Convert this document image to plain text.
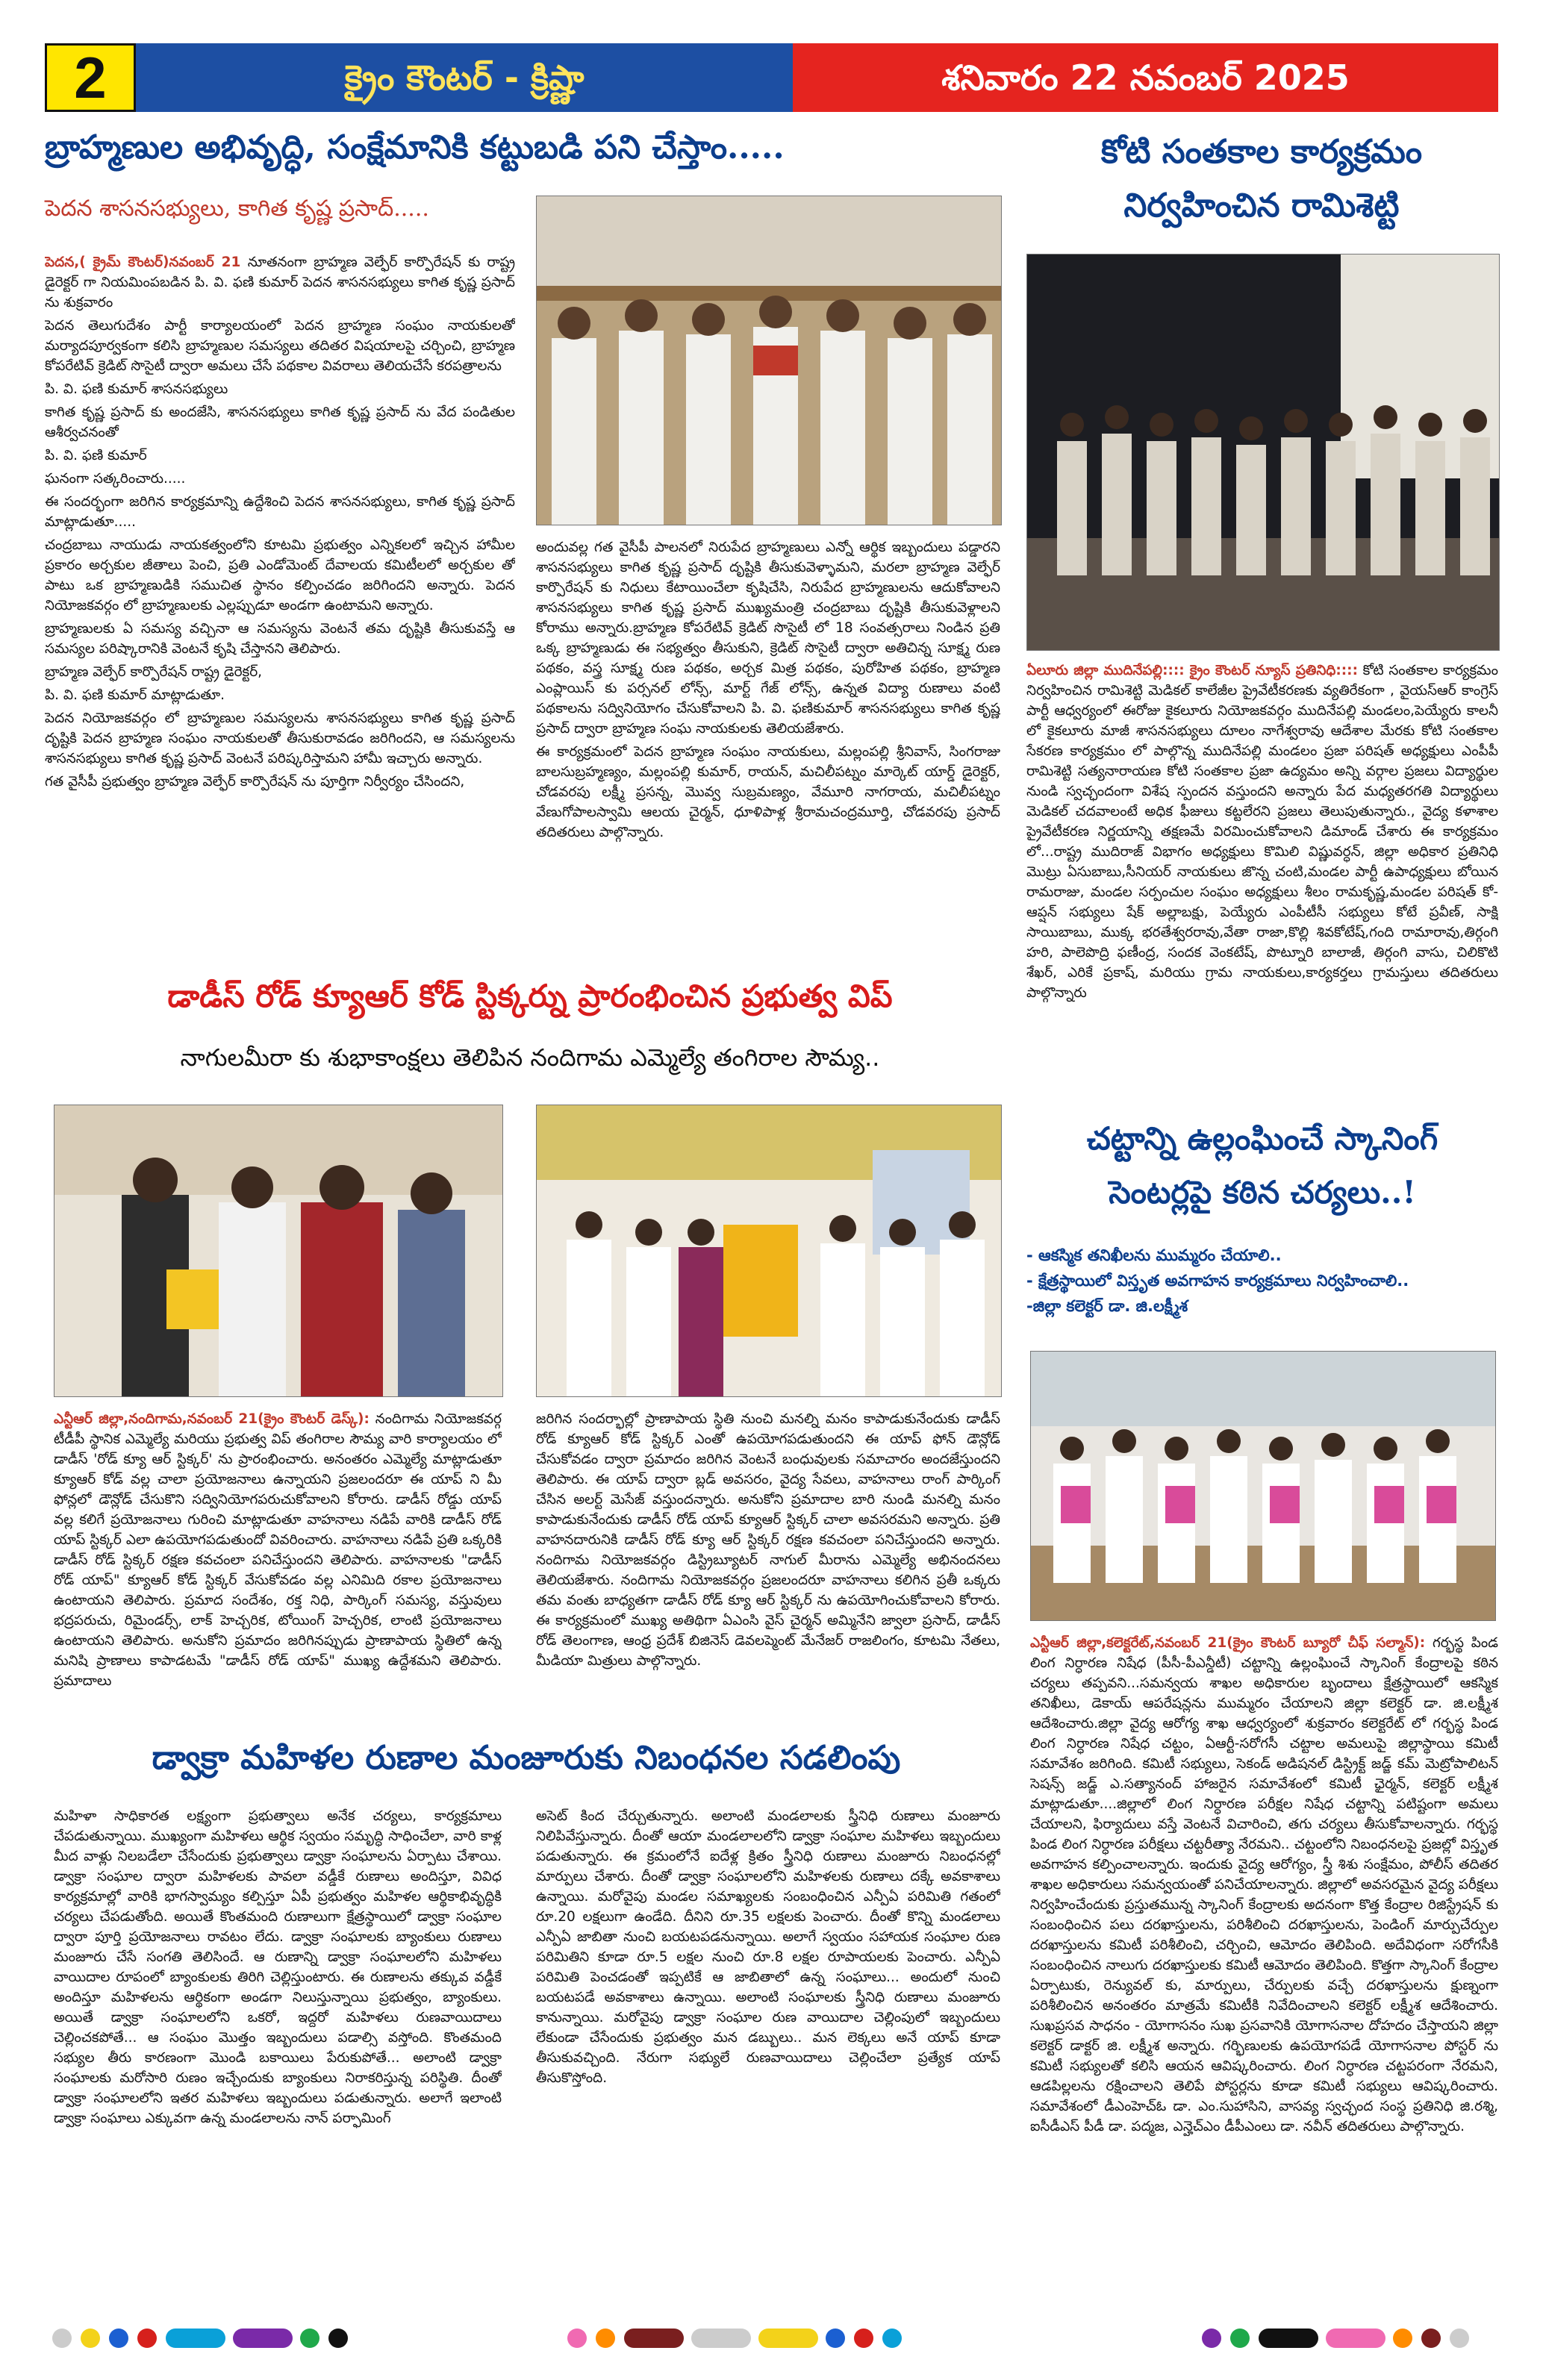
2	క్రైం కౌంటర్ - క్రిష్ణా	శనివారం 22 నవంబర్ 2025
బ్రాహ్మణుల అభివృద్ధి, సంక్షేమానికి కట్టుబడి పని చేస్తాం.....
పెదన శాసనసభ్యులు, కాగిత కృష్ణ ప్రసాద్.....

పెదన,( క్రైమ్ కౌంటర్)నవంబర్ 21 నూతనంగా బ్రాహ్మణ వెల్ఫేర్ కార్పొరేషన్ కు రాష్ట్ర డైరెక్టర్ గా నియమింపబడిన పి. వి. ఫణి కుమార్ పెదన శాసనసభ్యులు కాగిత కృష్ణ ప్రసాద్ ను శుక్రవారం

పెదన తెలుగుదేశం పార్టీ కార్యాలయంలో పెదన బ్రాహ్మణ సంఘం నాయకులతో మర్యాదపూర్వకంగా కలిసి బ్రాహ్మణుల సమస్యలు తదితర విషయాలపై చర్చించి, బ్రాహ్మణ కోపరేటివ్ క్రెడిట్ సొసైటీ ద్వారా అమలు చేసే పథకాల వివరాలు తెలియచేసే కరపత్రాలను

పి. వి. ఫణి కుమార్ శాసనసభ్యులు

కాగిత కృష్ణ ప్రసాద్ కు అందజేసి, శాసనసభ్యులు కాగిత కృష్ణ ప్రసాద్ ను వేద పండితుల ఆశీర్వచనంతో

పి. వి. ఫణి కుమార్

ఘనంగా సత్కరించారు.....

ఈ సందర్భంగా జరిగిన కార్యక్రమాన్ని ఉద్దేశించి పెదన శాసనసభ్యులు, కాగిత కృష్ణ ప్రసాద్ మాట్లాడుతూ.....

చంద్రబాబు నాయుడు నాయకత్వంలోని కూటమి ప్రభుత్వం ఎన్నికలలో ఇచ్చిన హామీల ప్రకారం అర్చకుల జీతాలు పెంచి, ప్రతి ఎండోమెంట్ దేవాలయ కమిటీలలో అర్చకుల తో పాటు ఒక బ్రాహ్మణుడికి సముచిత స్థానం కల్పించడం జరిగిందని అన్నారు. పెదన నియోజకవర్గం లో బ్రాహ్మణులకు ఎల్లప్పుడూ అండగా ఉంటామని అన్నారు.

బ్రాహ్మణులకు ఏ సమస్య వచ్చినా ఆ సమస్యను వెంటనే తమ దృష్టికి తీసుకువస్తే ఆ సమస్యల పరిష్కారానికి వెంటనే కృషి చేస్తానని తెలిపారు.

బ్రాహ్మణ వెల్ఫేర్ కార్పొరేషన్ రాష్ట్ర డైరెక్టర్,

పి. వి. ఫణి కుమార్ మాట్లాడుతూ.

పెదన నియోజకవర్గం లో బ్రాహ్మణుల సమస్యలను శాసనసభ్యులు కాగిత కృష్ణ ప్రసాద్ దృష్టికి పెదన బ్రాహ్మణ సంఘం నాయకులతో తీసుకురావడం జరిగిందని, ఆ సమస్యలను శాసనసభ్యులు కాగిత కృష్ణ ప్రసాద్ వెంటనే పరిష్కరిస్తామని హామీ ఇచ్చారు అన్నారు.

గత వైసీపీ ప్రభుత్వం బ్రాహ్మణ వెల్ఫేర్ కార్పొరేషన్ ను పూర్తిగా నిర్వీర్యం చేసిందని,

అందువల్ల గత వైసీపీ పాలనలో నిరుపేద బ్రాహ్మణులు ఎన్నో ఆర్థిక ఇబ్బందులు పడ్డారని శాసనసభ్యులు కాగిత కృష్ణ ప్రసాద్ దృష్టికి తీసుకువెళ్ళామని, మరలా బ్రాహ్మణ వెల్ఫేర్ కార్పొరేషన్ కు నిధులు కేటాయించేలా కృషిచేసి, నిరుపేద బ్రాహ్మణులను ఆదుకోవాలని శాసనసభ్యులు కాగిత కృష్ణ ప్రసాద్ ముఖ్యమంత్రి చంద్రబాబు దృష్టికి తీసుకువెళ్లాలని కోరాము అన్నారు.బ్రాహ్మణ కోపరేటివ్ క్రెడిట్ సొసైటీ లో 18 సంవత్సరాలు నిండిన ప్రతి ఒక్క బ్రాహ్మణుడు ఈ సభ్యత్వం తీసుకుని, క్రెడిట్ సొసైటీ ద్వారా అతిచిన్న సూక్ష్మ రుణ పథకం, వస్త్ర సూక్ష్మ రుణ పథకం, అర్చక మిత్ర పథకం, పురోహిత పథకం, బ్రాహ్మణ ఎంప్లాయిస్ కు పర్సనల్ లోన్స్, మార్ట్ గేజ్ లోన్స్, ఉన్నత విద్యా రుణాలు వంటి పథకాలను సద్వినియోగం చేసుకోవాలని పి. వి. ఫణికుమార్ శాసనసభ్యులు కాగిత కృష్ణ ప్రసాద్ ద్వారా బ్రాహ్మణ సంఘ నాయకులకు తెలియజేశారు.

ఈ కార్యక్రమంలో పెదన బ్రాహ్మణ సంఘం నాయకులు, మల్లంపల్లి శ్రీనివాస్, సింగరాజు బాలసుబ్రహ్మణ్యం, మల్లంపల్లి కుమార్, రాయన్, మచిలీపట్నం మార్కెట్ యార్డ్ డైరెక్టర్, చోడవరపు లక్ష్మీ ప్రసన్న, మొవ్వ సుబ్రమణ్యం, వేమూరి నాగరాయ, మచిలీపట్నం వేణుగోపాలస్వామి ఆలయ చైర్మన్, ధూళిపాళ్ల శ్రీరామచంద్రమూర్తి, చోడవరపు ప్రసాద్ తదితరులు పాల్గొన్నారు.

కోటి సంతకాల కార్యక్రమం
నిర్వహించిన రామిశెట్టి

ఏలూరు జిల్లా ముదినేపల్లి:::: క్రైం కౌంటర్ న్యూస్ ప్రతినిధి:::: కోటి సంతకాల కార్యక్రమం నిర్వహించిన రామిశెట్టి మెడికల్ కాలేజీల ప్రైవేటీకరణకు వ్యతిరేకంగా , వైయస్ఆర్ కాంగ్రెస్ పార్టీ ఆధ్వర్యంలో ఈరోజు కైకలూరు నియోజకవర్గం ముదినేపల్లి మండలం,పెయ్యేరు కాలనీ లో కైకలూరు మాజీ శాసనసభ్యులు దూలం నాగేశ్వరావు ఆదేశాల మేరకు కోటి సంతకాల సేకరణ కార్యక్రమం లో పాల్గొన్న ముదినేపల్లి మండలం ప్రజా పరిషత్ అధ్యక్షులు ఎంపీపీ రామిశెట్టి సత్యనారాయణ కోటి సంతకాల ప్రజా ఉద్యమం అన్ని వర్గాల ప్రజలు విద్యార్థుల నుండి స్వచ్ఛందంగా విశేష స్పందన వస్తుందని అన్నారు పేద మధ్యతరగతి విద్యార్థులు మెడికల్ చదవాలంటే అధిక ఫీజులు కట్టలేరని ప్రజలు తెలుపుతున్నారు., వైద్య కళాశాల ప్రైవేటీకరణ నిర్ణయాన్ని తక్షణమే విరమించుకోవాలని డిమాండ్ చేశారు ఈ కార్యక్రమం లో...రాష్ట్ర ముదిరాజ్ విభాగం అధ్యక్షులు కొమిలి విష్ణువర్ధన్, జిల్లా అధికార ప్రతినిధి మొట్రు ఏసుబాబు,సీనియర్ నాయకులు జొన్న చంటి,మండల పార్టీ ఉపాధ్యక్షులు బోయిన రామరాజు, మండల సర్పంచుల సంఘం అధ్యక్షులు శీలం రామకృష్ణ,మండల పరిషత్ కో-ఆప్షన్ సభ్యులు షేక్ అల్లాబక్షు, పెయ్యేరు ఎంపీటీసీ సభ్యులు కోటే ప్రవీణ్, సాక్షి సాయిబాబు, ముక్క భరతేశ్వరరావు,వేతా రాజా,కొల్లి శివకోటేష్,గంది రామారావు,తిర్గంగి హరి, పాలెపొద్రి ఫణీంద్ర, సందక వెంకటేష్, పొట్నూరి బాలాజీ, తిర్గంగి వాసు, చిలికొటి శేఖర్, ఎరికే ప్రకాష్, మరియు గ్రామ నాయకులు,కార్యకర్తలు గ్రామస్తులు తదితరులు పాల్గొన్నారు

డాడీస్ రోడ్ క్యూఆర్ కోడ్ స్టిక్కర్ను ప్రారంభించిన ప్రభుత్వ విప్
నాగులమీరా కు శుభాకాంక్షలు తెలిపిన నందిగామ ఎమ్మెల్యే తంగిరాల సౌమ్య..

ఎన్టీఆర్ జిల్లా,నందిగామ,నవంబర్ 21(క్రైం కౌంటర్ డెస్క్): నందిగామ నియోజకవర్గ టీడీపీ స్థానిక ఎమ్మెల్యే మరియు ప్రభుత్వ విప్ తంగిరాల సౌమ్య వారి కార్యాలయం లో డాడీస్ 'రోడ్ క్యూ ఆర్ స్టిక్కర్' ను ప్రారంభించారు. అనంతరం ఎమ్మెల్యే మాట్లాడుతూ క్యూఆర్ కోడ్ వల్ల చాలా ప్రయోజనాలు ఉన్నాయని ప్రజలందరూ ఈ యాప్ ని మీ ఫోన్లలో డౌన్లోడ్ చేసుకొని సద్వినియోగపరుచుకోవాలని కోరారు. డాడీస్ రోడ్డు యాప్ వల్ల కలిగే ప్రయోజనాలు గురించి మాట్లాడుతూ వాహనాలు నడిపే వారికి డాడీస్ రోడ్ యాప్ స్టిక్కర్ ఎలా ఉపయోగపడుతుందో వివరించారు. వాహనాలు నడిపే ప్రతి ఒక్కరికి డాడీస్ రోడ్ స్టిక్కర్ రక్షణ కవచంలా పనిచేస్తుందని తెలిపారు. వాహనాలకు "డాడీస్ రోడ్ యాప్" క్యూఆర్ కోడ్ స్టిక్కర్ వేసుకోవడం వల్ల ఎనిమిది రకాల ప్రయోజనాలు ఉంటాయని తెలిపారు. ప్రమాద సందేశం, రక్త నిధి, పార్కింగ్ సమస్య, వస్తువులు భద్రపరుచు, రిమైండర్స్, లాక్ హెచ్చరిక, టోయింగ్ హెచ్చరిక, లాంటి ప్రయోజనాలు ఉంటాయని తెలిపారు. అనుకోని ప్రమాదం జరిగినప్పుడు ప్రాణాపాయ స్థితిలో ఉన్న మనిషి ప్రాణాలు కాపాడటమే "డాడీస్ రోడ్ యాప్" ముఖ్య ఉద్దేశమని తెలిపారు. ప్రమాదాలు

జరిగిన సందర్భాల్లో ప్రాణాపాయ స్థితి నుంచి మనల్ని మనం కాపాడుకునేందుకు డాడీస్ రోడ్ క్యూఆర్ కోడ్ స్టిక్కర్ ఎంతో ఉపయోగపడుతుందని ఈ యాప్ ఫోన్ డౌన్లోడ్ చేసుకోవడం ద్వారా ప్రమాదం జరిగిన వెంటనే బంధువులకు సమాచారం అందజేస్తుందని తెలిపారు. ఈ యాప్ ద్వారా బ్లడ్ అవసరం, వైద్య సేవలు, వాహనాలు రాంగ్ పార్కింగ్ చేసిన అలర్ట్ మెసేజ్ వస్తుందన్నారు. అనుకోని ప్రమాదాల బారి నుండి మనల్ని మనం కాపాడుకునేందుకు డాడీస్ రోడ్ యాప్ క్యూఆర్ స్టిక్కర్ చాలా అవసరమని అన్నారు. ప్రతి వాహనదారునికి డాడీస్ రోడ్ క్యూ ఆర్ స్టిక్కర్ రక్షణ కవచంలా పనిచేస్తుందని అన్నారు. నందిగామ నియోజకవర్గం డిస్ట్రిబ్యూటర్ నాగుల్ మీరాను ఎమ్మెల్యే అభినందనలు తెలియజేశారు. నందిగామ నియోజకవర్గం ప్రజలందరూ వాహనాలు కలిగిన ప్రతీ ఒక్కరు తమ వంతు బాధ్యతగా డాడీస్ రోడ్ క్యూ ఆర్ స్టిక్కర్ ను ఉపయోగించుకోవాలని కోరారు. ఈ కార్యక్రమంలో ముఖ్య అతిథిగా ఏఎంసి వైస్ చైర్మన్ అమ్మినేని జ్వాలా ప్రసాద్, డాడీస్ రోడ్ తెలంగాణ, ఆంధ్ర ప్రదేశ్ బిజినెస్ డెవలప్మెంట్ మేనేజర్ రాజలింగం, కూటమి నేతలు, మీడియా మిత్రులు పాల్గొన్నారు.

చట్టాన్ని ఉల్లంఘించే స్కానింగ్
సెంటర్లపై కఠిన చర్యలు..!
- ఆకస్మిక తనిఖీలను ముమ్మరం చేయాలి..
- క్షేత్రస్థాయిలో విస్తృత అవగాహన కార్యక్రమాలు నిర్వహించాలి..
-జిల్లా కలెక్టర్ డా. జి.లక్ష్మీశ

ఎన్టీఆర్ జిల్లా,కలెక్టరేట్,నవంబర్ 21(క్రైం కౌంటర్ బ్యూరో చీఫ్ సల్మాన్): గర్భస్థ పిండ లింగ నిర్ధారణ నిషేధ (పీసీ-పీఎన్డీటీ) చట్టాన్ని ఉల్లంఘించే స్కానింగ్ కేంద్రాలపై కఠిన చర్యలు తప్పవని...సమన్వయ శాఖల అధికారుల బృందాలు క్షేత్రస్థాయిలో ఆకస్మిక తనిఖీలు, డెకాయ్ ఆపరేషన్లను ముమ్మరం చేయాలని జిల్లా కలెక్టర్ డా. జి.లక్ష్మీశ ఆదేశించారు.జిల్లా వైద్య ఆరోగ్య శాఖ ఆధ్వర్యంలో శుక్రవారం కలెక్టరేట్ లో గర్భస్థ పిండ లింగ నిర్ధారణ నిషేధ చట్టం, ఏఆర్టీ-సరోగసీ చట్టాల అమలుపై జిల్లాస్థాయి కమిటీ సమావేశం జరిగింది. కమిటీ సభ్యులు, సెకండ్ అడిషనల్ డిస్ట్రిక్ట్ జడ్జ్ కమ్ మెట్రోపాలిటన్ సెషన్స్ జడ్జ్ ఎ.సత్యానంద్ హాజరైన సమావేశంలో కమిటీ ఛైర్మన్, కలెక్టర్ లక్ష్మీశ మాట్లాడుతూ....జిల్లాలో లింగ నిర్ధారణ పరీక్షల నిషేధ చట్టాన్ని పటిష్టంగా అమలు చేయాలని, ఫిర్యాదులు వస్తే వెంటనే విచారించి, తగు చర్యలు తీసుకోవాలన్నారు. గర్భస్థ పిండ లింగ నిర్ధారణ పరీక్షలు చట్టరీత్యా నేరమని.. చట్టంలోని నిబంధనలపై ప్రజల్లో విస్తృత అవగాహన కల్పించాలన్నారు. ఇందుకు వైద్య ఆరోగ్యం, స్త్రీ శిశు సంక్షేమం, పోలీస్ తదితర శాఖల అధికారులు సమన్వయంతో పనిచేయాలన్నారు. జిల్లాలో అవసరమైన వైద్య పరీక్షలు నిర్వహించేందుకు ప్రస్తుతమున్న స్కానింగ్ కేంద్రాలకు అదనంగా కొత్త కేంద్రాల రిజిస్ట్రేషన్ కు సంబంధించిన పలు దరఖాస్తులను, పరిశీలించి దరఖాస్తులను, పెండింగ్ మార్పుచేర్పుల దరఖాస్తులను కమిటీ పరిశీలించి, చర్చించి, ఆమోదం తెలిపింది. అదేవిధంగా సరోగసీకి సంబంధించిన నాలుగు దరఖాస్తులకు కమిటీ ఆమోదం తెలిపింది. కొత్తగా స్కానింగ్ కేంద్రాల ఏర్పాటుకు, రెన్యువల్ కు, మార్పులు, చేర్పులకు వచ్చే దరఖాస్తులను క్షుణ్నంగా పరిశీలించిన అనంతరం మాత్రమే కమిటీకి నివేదించాలని కలెక్టర్ లక్ష్మీశ ఆదేశించారు. సుఖప్రసవ సాధనం - యోగాసనం సుఖ ప్రసవానికి యోగాసనాల దోహదం చేస్తాయని జిల్లా కలెక్టర్ డాక్టర్ జి. లక్ష్మీశ అన్నారు. గర్భిణులకు ఉపయోగపడే యోగాసనాల పోస్టర్ ను కమిటీ సభ్యులతో కలిసి ఆయన ఆవిష్కరించారు. లింగ నిర్ధారణ చట్టపరంగా నేరమని, ఆడపిల్లలను రక్షించాలని తెలిపే పోస్టర్లను కూడా కమిటీ సభ్యులు ఆవిష్కరించారు. సమావేశంలో డీఎంహెచ్ఓ డా. ఎం.సుహాసిని, వాసవ్య స్వచ్ఛంద సంస్థ ప్రతినిధి జి.రశ్మి, ఐసీడీఎస్ పీడీ డా. పద్మజ, ఎన్హెచ్ఎం డీపీఎంలు డా. నవీన్ తదితరులు పాల్గొన్నారు.

డ్వాక్రా మహిళల రుణాల మంజూరుకు నిబంధనల సడలింపు

మహిళా సాధికారత లక్ష్యంగా ప్రభుత్వాలు అనేక చర్యలు, కార్యక్రమాలు చేపడుతున్నాయి. ముఖ్యంగా మహిళలు ఆర్థిక స్వయం సమృద్ధి సాధించేలా, వారి కాళ్ల మీద వాళ్లు నిలబడేలా చేసేందుకు ప్రభుత్వాలు డ్వాక్రా సంఘాలను ఏర్పాటు చేశాయి. డ్వాక్రా సంఘాల ద్వారా మహిళలకు పావలా వడ్డీకే రుణాలు అందిస్తూ, వివిధ కార్యక్రమాల్లో వారికి భాగస్వామ్యం కల్పిస్తూ ఏపీ ప్రభుత్వం మహిళల ఆర్థికాభివృద్ధికి చర్యలు చేపడుతోంది. అయితే కొంతమంది రుణాలుగా క్షేత్రస్థాయిలో డ్వాక్రా సంఘాల ద్వారా పూర్తి ప్రయోజనాలు రావటం లేదు. డ్వాక్రా సంఘాలకు బ్యాంకులు రుణాలు మంజూరు చేసే సంగతి తెలిసిందే. ఆ రుణాన్ని డ్వాక్రా సంఘాలలోని మహిళలు వాయిదాల రూపంలో బ్యాంకులకు తిరిగి చెల్లిస్తుంటారు. ఈ రుణాలను తక్కువ వడ్డీకే అందిస్తూ మహిళలను ఆర్థికంగా అండగా నిలుస్తున్నాయి ప్రభుత్వం, బ్యాంకులు. అయితే డ్వాక్రా సంఘాలలోని ఒకరో, ఇద్దరో మహిళలు రుణవాయిదాలు చెల్లించకపోతే... ఆ సంఘం మొత్తం ఇబ్బందులు పడాల్సి వస్తోంది. కొంతమంది సభ్యుల తీరు కారణంగా మొండి బకాయిలు పేరుకుపోతే... అలాంటి డ్వాక్రా సంఘాలకు మరోసారి రుణం ఇచ్చేందుకు బ్యాంకులు నిరాకరిస్తున్న పరిస్థితి. దీంతో డ్వాక్రా సంఘాలలోని ఇతర మహిళలు ఇబ్బందులు పడుతున్నారు. అలాగే ఇలాంటి డ్వాక్రా సంఘాలు ఎక్కువగా ఉన్న మండలాలను నాన్ పర్ఫామింగ్

అసెట్ కింద చేర్చుతున్నారు. అలాంటి మండలాలకు స్త్రీనిధి రుణాలు మంజూరు నిలిపివేస్తున్నారు. దీంతో ఆయా మండలాలలోని డ్వాక్రా సంఘాల మహిళలు ఇబ్బందులు పడుతున్నారు. ఈ క్రమంలోనే ఐదేళ్ల క్రితం స్త్రీనిధి రుణాలు మంజూరు నిబంధనల్లో మార్పులు చేశారు. దీంతో డ్వాక్రా సంఘాలలోని మహిళలకు రుణాలు దక్కే అవకాశాలు ఉన్నాయి. మరోవైపు మండల సమాఖ్యలకు సంబంధించిన ఎన్పీఏ పరిమితి గతంలో రూ.20 లక్షలుగా ఉండేది. దీనిని రూ.35 లక్షలకు పెంచారు. దీంతో కొన్ని మండలాలు ఎన్పీఏ జాబితా నుంచి బయటపడనున్నాయి. అలాగే స్వయం సహాయక సంఘాల రుణ పరిమితిని కూడా రూ.5 లక్షల నుంచి రూ.8 లక్షల రూపాయలకు పెంచారు. ఎన్పీఏ పరిమితి పెంచడంతో ఇప్పటికే ఆ జాబితాలో ఉన్న సంఘాలు... అందులో నుంచి బయటపడే అవకాశాలు ఉన్నాయి. అలాంటి సంఘాలకు స్త్రీనిధి రుణాలు మంజూరు కానున్నాయి. మరోవైపు డ్వాక్రా సంఘాల రుణ వాయిదాల చెల్లింపులో ఇబ్బందులు లేకుండా చేసేందుకు ప్రభుత్వం మన డబ్బులు.. మన లెక్కలు అనే యాప్ కూడా తీసుకువచ్చింది. నేరుగా సభ్యులే రుణవాయిదాలు చెల్లించేలా ప్రత్యేక యాప్ తీసుకొస్తోంది.
